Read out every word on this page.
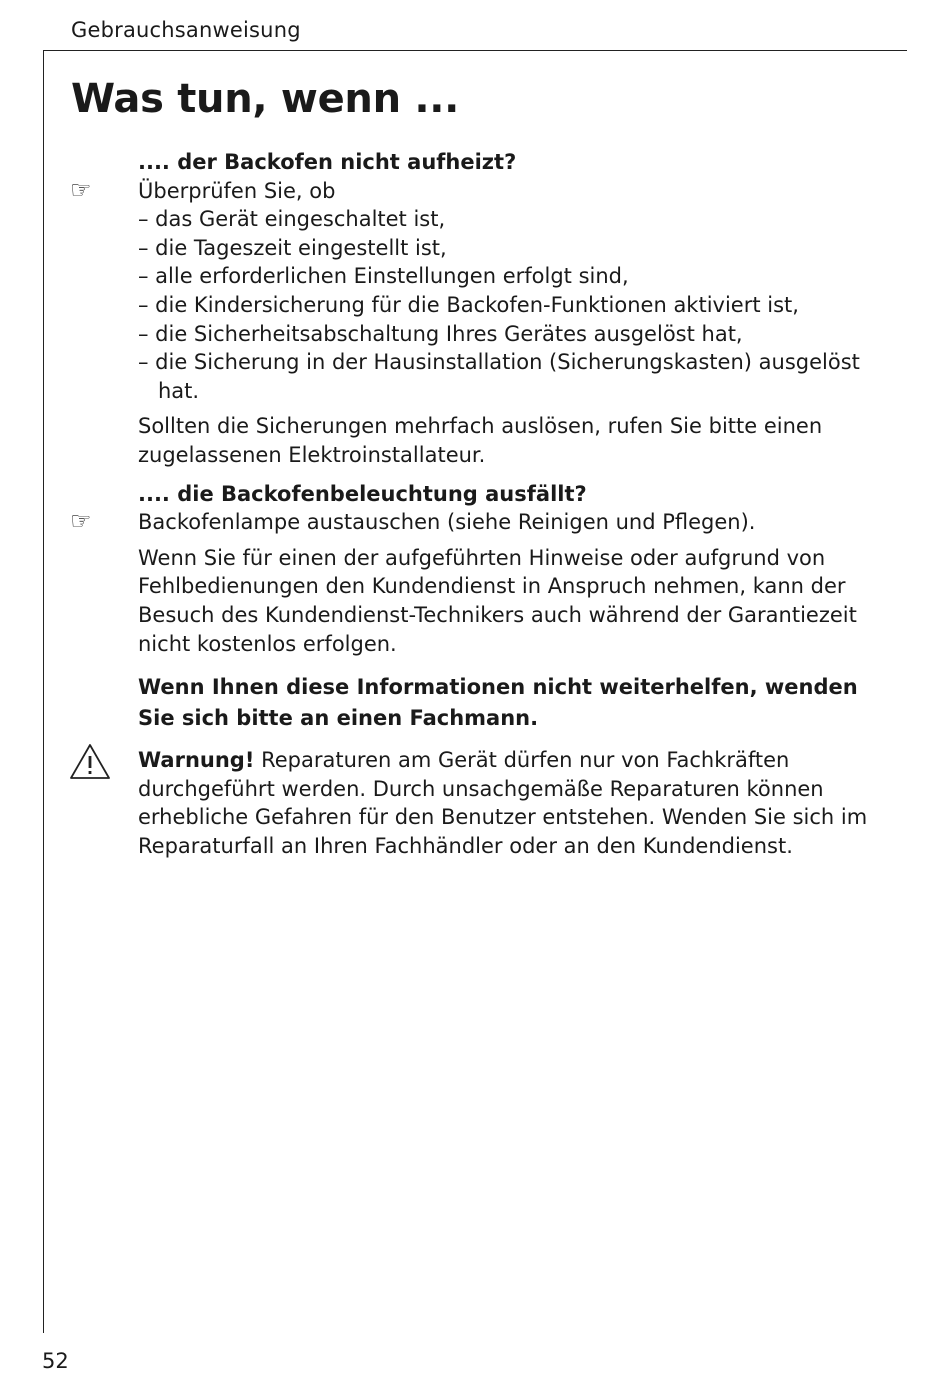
Gebrauchsanweisung
Was tun, wenn ...

.... der Backofen nicht aufheizt?

☞ Überprüfen Sie, ob

– das Gerät eingeschaltet ist,

– die Tageszeit eingestellt ist,

– alle erforderlichen Einstellungen erfolgt sind,

– die Kindersicherung für die Backofen-Funktionen aktiviert ist,

– die Sicherheitsabschaltung Ihres Gerätes ausgelöst hat,

– die Sicherung in der Hausinstallation (Sicherungskasten) ausgelöst hat.

Sollten die Sicherungen mehrfach auslösen, rufen Sie bitte einen zugelassenen Elektroinstallateur.

.... die Backofenbeleuchtung ausfällt?

☞ Backofenlampe austauschen (siehe Reinigen und Pflegen).

Wenn Sie für einen der aufgeführten Hinweise oder aufgrund von Fehlbedienungen den Kundendienst in Anspruch nehmen, kann der Besuch des Kundendienst-Technikers auch während der Garantiezeit nicht kostenlos erfolgen.

Wenn Ihnen diese Informationen nicht weiterhelfen, wenden Sie sich bitte an einen Fachmann.

Warnung! Reparaturen am Gerät dürfen nur von Fachkräften durchgeführt werden. Durch unsachgemäße Reparaturen können erhebliche Gefahren für den Benutzer entstehen. Wenden Sie sich im Reparaturfall an Ihren Fachhändler oder an den Kundendienst.

52
